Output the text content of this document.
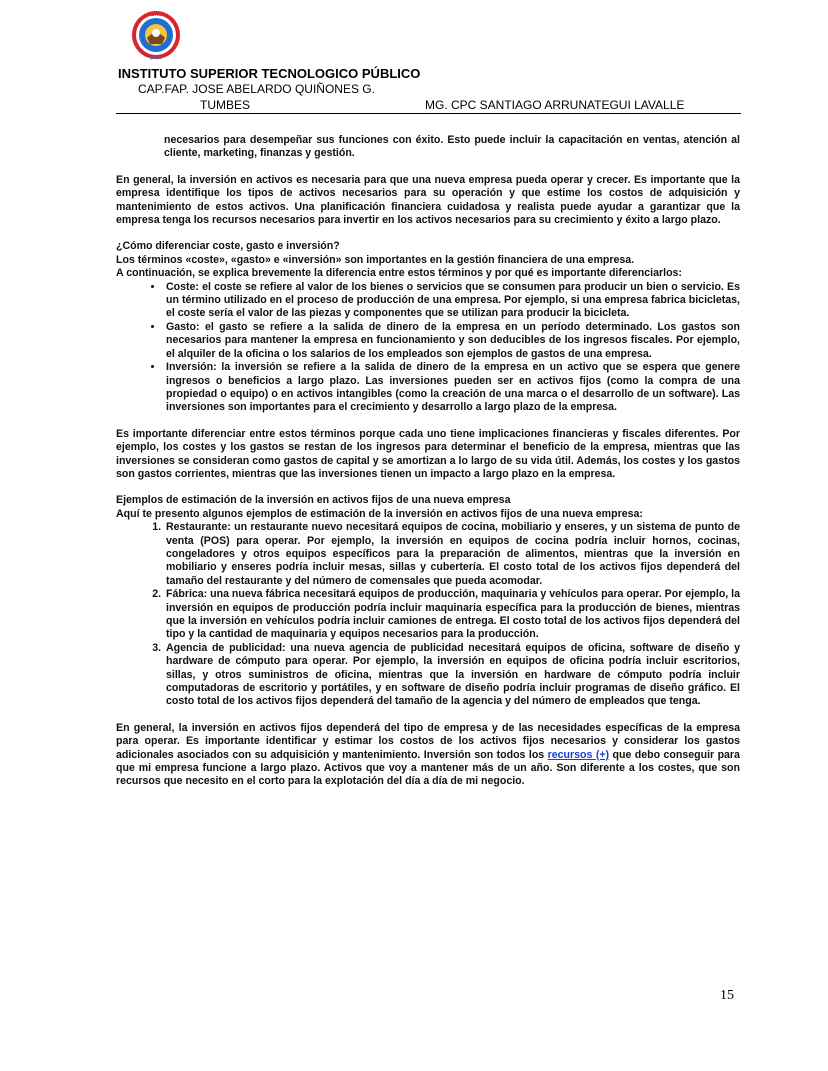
I.S.T.P.
JAQG
INSTITUTO SUPERIOR TECNOLOGICO PÚBLICO
CAP.FAP. JOSE ABELARDO QUIÑONES G.
TUMBES	MG. CPC SANTIAGO ARRUNATEGUI LAVALLE

necesarios para desempeñar sus funciones con éxito. Esto puede incluir la capacitación en ventas, atención al cliente, marketing, finanzas y gestión.

En general, la inversión en activos es necesaria para que una nueva empresa pueda operar y crecer. Es importante que la empresa identifique los tipos de activos necesarios para su operación y que estime los costos de adquisición y mantenimiento de estos activos. Una planificación financiera cuidadosa y realista puede ayudar a garantizar que la empresa tenga los recursos necesarios para invertir en los activos necesarios para su crecimiento y éxito a largo plazo.

¿Cómo diferenciar coste, gasto e inversión?

Los términos «coste», «gasto» e «inversión» son importantes en la gestión financiera de una empresa.

A continuación, se explica brevemente la diferencia entre estos términos y por qué es importante diferenciarlos:

• Coste: el coste se refiere al valor de los bienes o servicios que se consumen para producir un bien o servicio. Es un término utilizado en el proceso de producción de una empresa. Por ejemplo, si una empresa fabrica bicicletas, el coste sería el valor de las piezas y componentes que se utilizan para producir la bicicleta.
• Gasto: el gasto se refiere a la salida de dinero de la empresa en un período determinado. Los gastos son necesarios para mantener la empresa en funcionamiento y son deducibles de los ingresos fiscales. Por ejemplo, el alquiler de la oficina o los salarios de los empleados son ejemplos de gastos de una empresa.
• Inversión: la inversión se refiere a la salida de dinero de la empresa en un activo que se espera que genere ingresos o beneficios a largo plazo. Las inversiones pueden ser en activos fijos (como la compra de una propiedad o equipo) o en activos intangibles (como la creación de una marca o el desarrollo de un software). Las inversiones son importantes para el crecimiento y desarrollo a largo plazo de la empresa.

Es importante diferenciar entre estos términos porque cada uno tiene implicaciones financieras y fiscales diferentes. Por ejemplo, los costes y los gastos se restan de los ingresos para determinar el beneficio de la empresa, mientras que las inversiones se consideran como gastos de capital y se amortizan a lo largo de su vida útil. Además, los costes y los gastos son gastos corrientes, mientras que las inversiones tienen un impacto a largo plazo en la empresa.

Ejemplos de estimación de la inversión en activos fijos de una nueva empresa

Aquí te presento algunos ejemplos de estimación de la inversión en activos fijos de una nueva empresa:

1. Restaurante: un restaurante nuevo necesitará equipos de cocina, mobiliario y enseres, y un sistema de punto de venta (POS) para operar. Por ejemplo, la inversión en equipos de cocina podría incluir hornos, cocinas, congeladores y otros equipos específicos para la preparación de alimentos, mientras que la inversión en mobiliario y enseres podría incluir mesas, sillas y cubertería. El costo total de los activos fijos dependerá del tamaño del restaurante y del número de comensales que pueda acomodar.
2. Fábrica: una nueva fábrica necesitará equipos de producción, maquinaria y vehículos para operar. Por ejemplo, la inversión en equipos de producción podría incluir maquinaria específica para la producción de bienes, mientras que la inversión en vehículos podría incluir camiones de entrega. El costo total de los activos fijos dependerá del tipo y la cantidad de maquinaria y equipos necesarios para la producción.
3. Agencia de publicidad: una nueva agencia de publicidad necesitará equipos de oficina, software de diseño y hardware de cómputo para operar. Por ejemplo, la inversión en equipos de oficina podría incluir escritorios, sillas, y otros suministros de oficina, mientras que la inversión en hardware de cómputo podría incluir computadoras de escritorio y portátiles, y en software de diseño podría incluir programas de diseño gráfico. El costo total de los activos fijos dependerá del tamaño de la agencia y del número de empleados que tenga.

En general, la inversión en activos fijos dependerá del tipo de empresa y de las necesidades específicas de la empresa para operar. Es importante identificar y estimar los costos de los activos fijos necesarios y considerar los gastos adicionales asociados con su adquisición y mantenimiento. Inversión son todos los recursos (+) que debo conseguir para que mi empresa funcione a largo plazo. Activos que voy a mantener más de un año. Son diferente a los costes, que son recursos que necesito en el corto para la explotación del día a día de mi negocio.

15
